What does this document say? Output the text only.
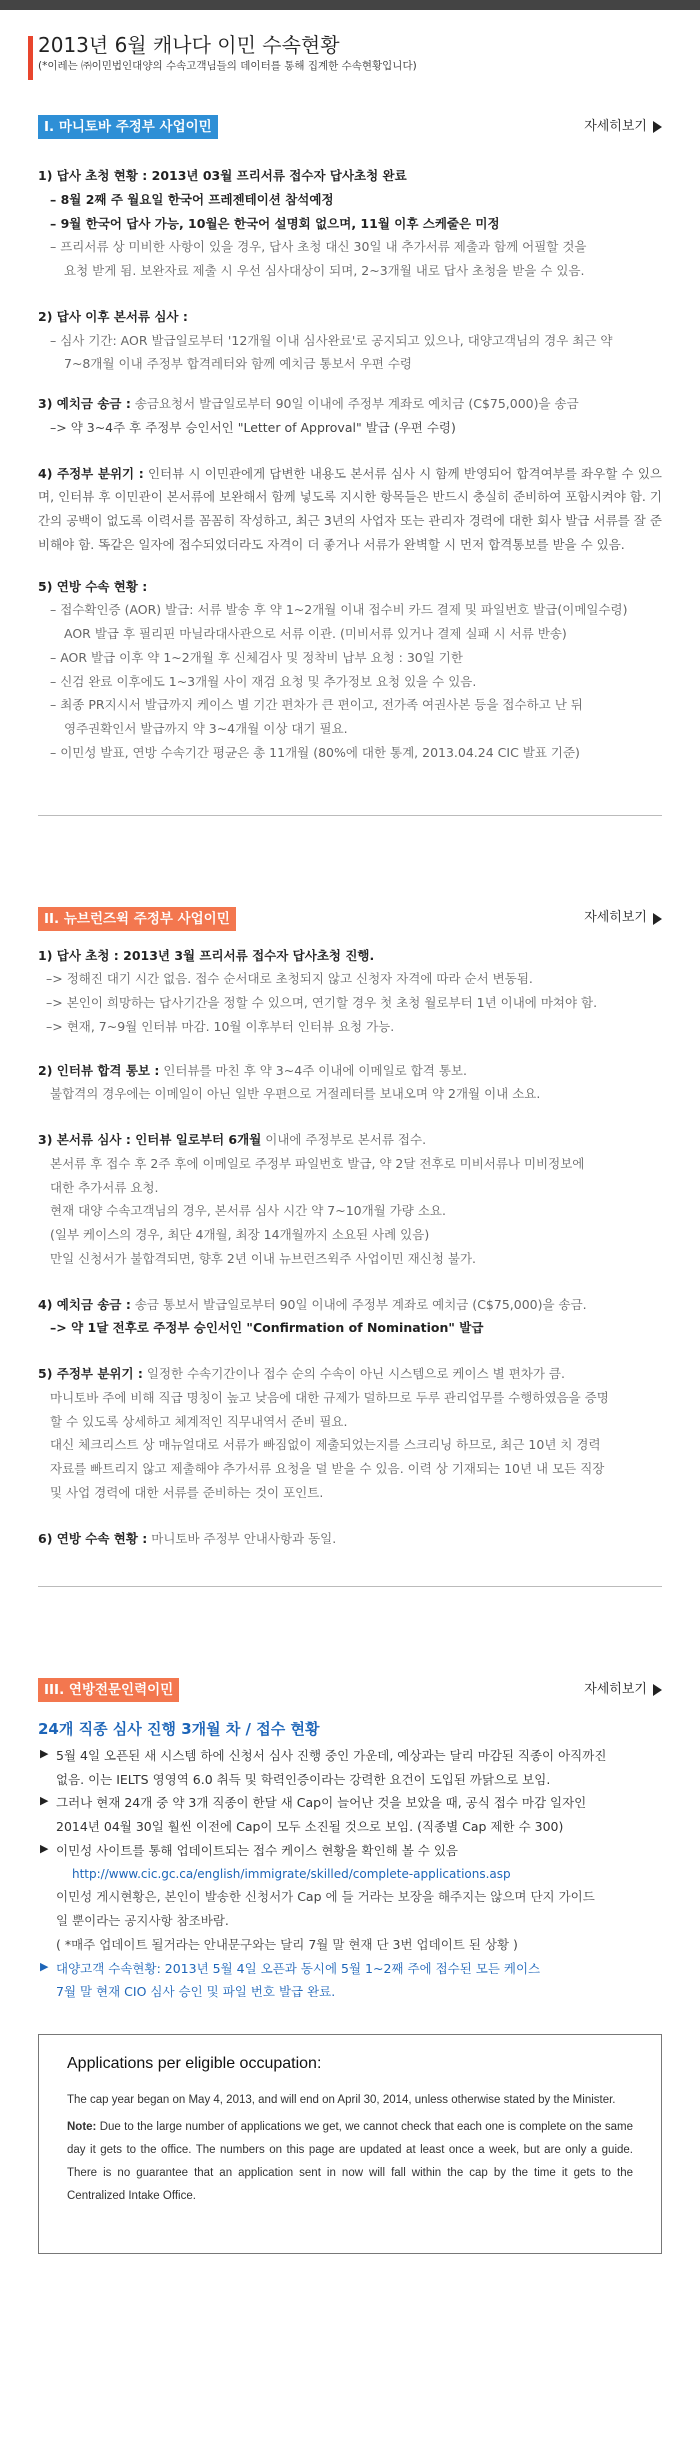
2013년 6월 캐나다 이민 수속현황
(*이레는 ㈜이민법인대양의 수속고객님들의 데이터를 통해 집계한 수속현황입니다)
I. 마니토바 주정부 사업이민	자세히보기
1) 답사 초청 현황 : 2013년 03월 프리서류 접수자 답사초청 완료
– 8월 2째 주 월요일 한국어 프레젠테이션 참석예정
– 9월 한국어 답사 가능, 10월은 한국어 설명회 없으며, 11월 이후 스케줄은 미정
– 프리서류 상 미비한 사항이 있을 경우, 답사 초청 대신 30일 내 추가서류 제출과 함께 어필할 것을
요청 받게 됨. 보완자료 제출 시 우선 심사대상이 되며, 2~3개월 내로 답사 초청을 받을 수 있음.
2) 답사 이후 본서류 심사 :
– 심사 기간: AOR 발급일로부터 '12개월 이내 심사완료'로 공지되고 있으나, 대양고객님의 경우 최근 약
7~8개월 이내 주정부 합격레터와 함께 예치금 통보서 우편 수령
3) 예치금 송금 : 송금요청서 발급일로부터 90일 이내에 주정부 계좌로 예치금 (C$75,000)을 송금
–> 약 3~4주 후 주정부 승인서인 "Letter of Approval" 발급 (우편 수령)
4) 주정부 분위기 : 인터뷰 시 이민관에게 답변한 내용도 본서류 심사 시 함께 반영되어 합격여부를 좌우할 수 있으며, 인터뷰 후 이민관이 본서류에 보완해서 함께 넣도록 지시한 항목들은 반드시 충실히 준비하여 포함시켜야 함. 기간의 공백이 없도록 이력서를 꼼꼼히 작성하고, 최근 3년의 사업자 또는 관리자 경력에 대한 회사 발급 서류를 잘 준비해야 함. 똑같은 일자에 접수되었더라도 자격이 더 좋거나 서류가 완벽할 시 먼저 합격통보를 받을 수 있음.
5) 연방 수속 현황 :
– 접수확인증 (AOR) 발급: 서류 발송 후 약 1~2개월 이내 접수비 카드 결제 및 파일번호 발급(이메일수령)
AOR 발급 후 필리핀 마닐라대사관으로 서류 이관. (미비서류 있거나 결제 실패 시 서류 반송)
– AOR 발급 이후 약 1~2개월 후 신체검사 및 정착비 납부 요청 : 30일 기한
– 신검 완료 이후에도 1~3개월 사이 재검 요청 및 추가정보 요청 있을 수 있음.
– 최종 PR지시서 발급까지 케이스 별 기간 편차가 큰 편이고, 전가족 여권사본 등을 접수하고 난 뒤
영주권확인서 발급까지 약 3~4개월 이상 대기 필요.
– 이민성 발표, 연방 수속기간 평균은 총 11개월 (80%에 대한 통계, 2013.04.24 CIC 발표 기준)
II. 뉴브런즈윅 주정부 사업이민	자세히보기
1) 답사 초청 : 2013년 3월 프리서류 접수자 답사초청 진행.
–> 정해진 대기 시간 없음. 접수 순서대로 초청되지 않고 신청자 자격에 따라 순서 변동됨.
–> 본인이 희망하는 답사기간을 정할 수 있으며, 연기할 경우 첫 초청 월로부터 1년 이내에 마쳐야 함.
–> 현재, 7~9월 인터뷰 마감. 10월 이후부터 인터뷰 요청 가능.
2) 인터뷰 합격 통보 : 인터뷰를 마친 후 약 3~4주 이내에 이메일로 합격 통보.
불합격의 경우에는 이메일이 아닌 일반 우편으로 거절레터를 보내오며 약 2개월 이내 소요.
3) 본서류 심사 : 인터뷰 일로부터 6개월 이내에 주정부로 본서류 접수.
본서류 후 접수 후 2주 후에 이메일로 주정부 파일번호 발급, 약 2달 전후로 미비서류나 미비정보에
대한 추가서류 요청.
현재 대양 수속고객님의 경우, 본서류 심사 시간 약 7~10개월 가량 소요.
(일부 케이스의 경우, 최단 4개월, 최장 14개월까지 소요된 사례 있음)
만일 신청서가 불합격되면, 향후 2년 이내 뉴브런즈윅주 사업이민 재신청 불가.
4) 예치금 송금 : 송금 통보서 발급일로부터 90일 이내에 주정부 계좌로 예치금 (C$75,000)을 송금.
–> 약 1달 전후로 주정부 승인서인 "Confirmation of Nomination" 발급
5) 주정부 분위기 : 일정한 수속기간이나 접수 순의 수속이 아닌 시스템으로 케이스 별 편차가 큼.
마니토바 주에 비해 직급 명칭이 높고 낮음에 대한 규제가 덜하므로 두루 관리업무를 수행하였음을 증명
할 수 있도록 상세하고 체계적인 직무내역서 준비 필요.
대신 체크리스트 상 매뉴얼대로 서류가 빠짐없이 제출되었는지를 스크리닝 하므로, 최근 10년 치 경력
자료를 빠트리지 않고 제출해야 추가서류 요청을 덜 받을 수 있음. 이력 상 기재되는 10년 내 모든 직장
및 사업 경력에 대한 서류를 준비하는 것이 포인트.
6) 연방 수속 현황 : 마니토바 주정부 안내사항과 동일.
III. 연방전문인력이민	자세히보기
24개 직종 심사 진행 3개월 차 / 접수 현황
▶ 5월 4일 오픈된 새 시스템 하에 신청서 심사 진행 중인 가운데, 예상과는 달리 마감된 직종이 아직까진
없음. 이는 IELTS 영영역 6.0 취득 및 학력인증이라는 강력한 요건이 도입된 까닭으로 보임.
▶ 그러나 현재 24개 중 약 3개 직종이 한달 새 Cap이 늘어난 것을 보았을 때, 공식 접수 마감 일자인
2014년 04월 30일 훨씬 이전에 Cap이 모두 소진될 것으로 보임. (직종별 Cap 제한 수 300)
▶ 이민성 사이트를 통해 업데이트되는 접수 케이스 현황을 확인해 볼 수 있음
http://www.cic.gc.ca/english/immigrate/skilled/complete-applications.asp
이민성 게시현황은, 본인이 발송한 신청서가 Cap 에 들 거라는 보장을 해주지는 않으며 단지 가이드
일 뿐이라는 공지사항 참조바람.
( *매주 업데이트 될거라는 안내문구와는 달리 7월 말 현재 단 3번 업데이트 된 상황 )
▶ 대양고객 수속현황: 2013년 5월 4일 오픈과 동시에 5월 1~2째 주에 접수된 모든 케이스
7월 말 현재 CIO 심사 승인 및 파일 번호 발급 완료.
Applications per eligible occupation:

The cap year began on May 4, 2013, and will end on April 30, 2014, unless otherwise stated by the Minister.

Note: Due to the large number of applications we get, we cannot check that each one is complete on the same day it gets to the office. The numbers on this page are updated at least once a week, but are only a guide. There is no guarantee that an application sent in now will fall within the cap by the time it gets to the Centralized Intake Office.
